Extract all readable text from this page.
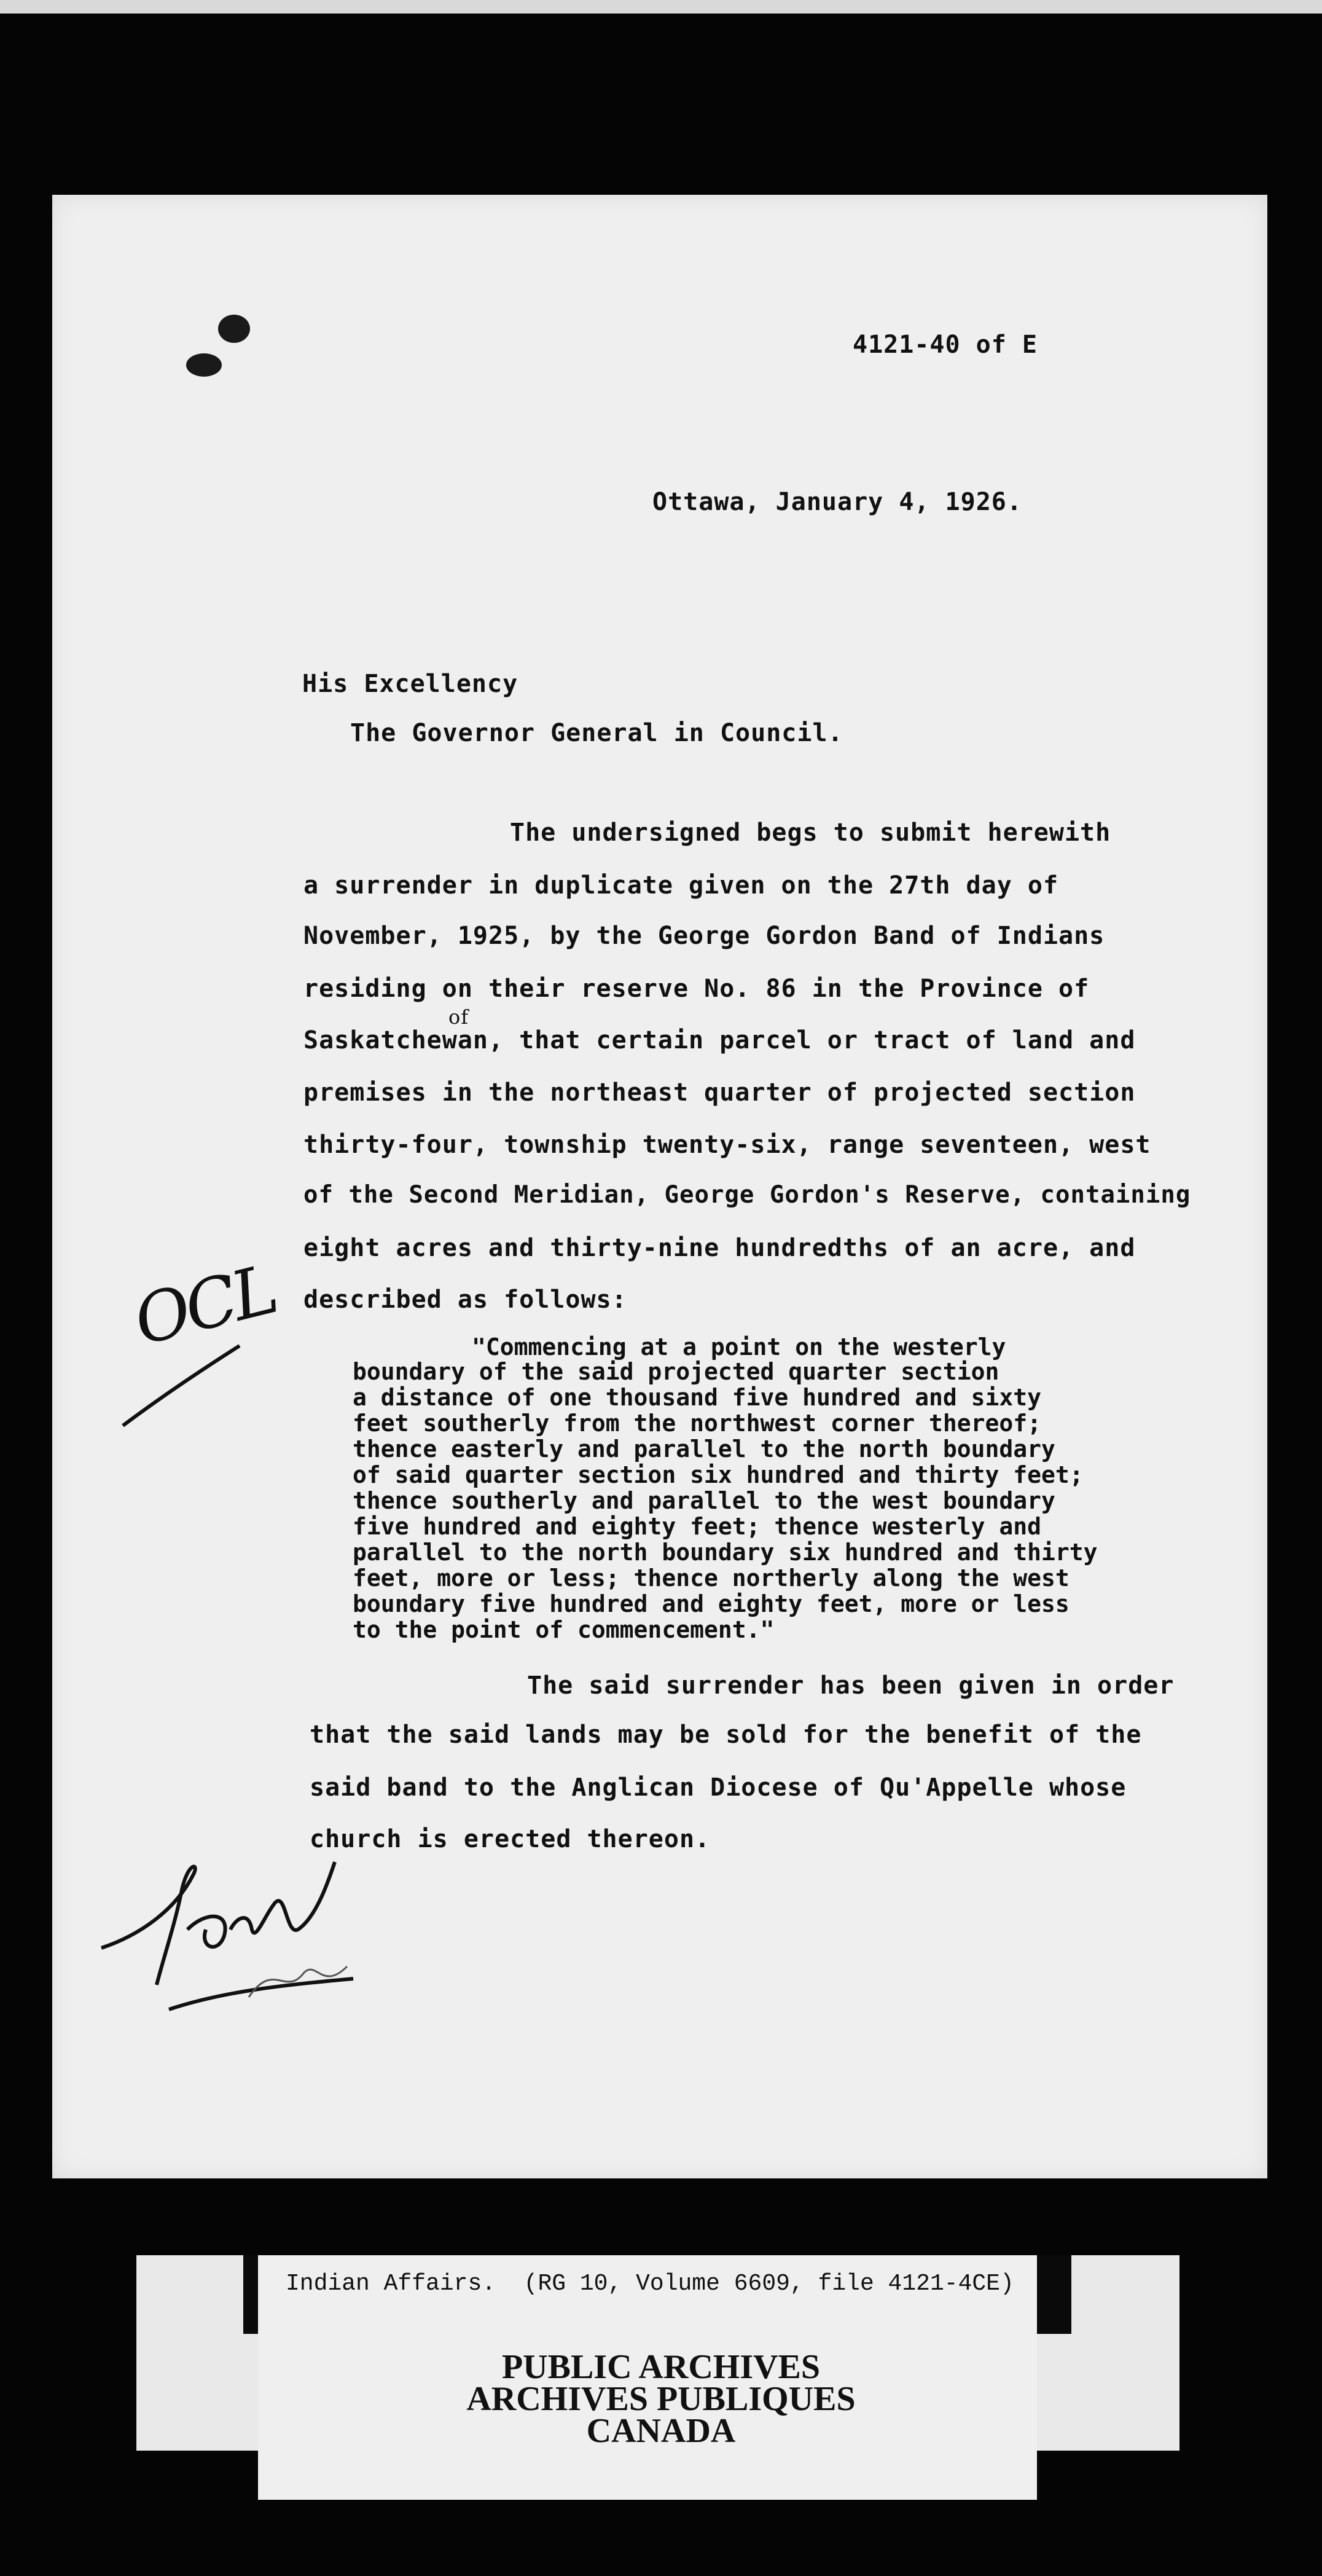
4121-40 of E
Ottawa, January 4, 1926.
His Excellency
The Governor General in Council.
The undersigned begs to submit herewith
a surrender in duplicate given on the 27th day of
November, 1925, by the George Gordon Band of Indians
residing on their reserve No. 86 in the Province of
of
Saskatchewan, that certain parcel or tract of land and
premises in the northeast quarter of projected section
thirty-four, township twenty-six, range seventeen, west
of the Second Meridian, George Gordon's Reserve, containing
eight acres and thirty-nine hundredths of an acre, and
described as follows:
"Commencing at a point on the westerly
boundary of the said projected quarter section
a distance of one thousand five hundred and sixty
feet southerly from the northwest corner thereof;
thence easterly and parallel to the north boundary
of said quarter section six hundred and thirty feet;
thence southerly and parallel to the west boundary
five hundred and eighty feet; thence westerly and
parallel to the north boundary six hundred and thirty
feet, more or less; thence northerly along the west
boundary five hundred and eighty feet, more or less
to the point of commencement."
The said surrender has been given in order
that the said lands may be sold for the benefit of the
said band to the Anglican Diocese of Qu'Appelle whose
church is erected thereon.
OCL
Indian Affairs.  (RG 10, Volume 6609, file 4121-4CE)
PUBLIC ARCHIVES
ARCHIVES PUBLIQUES
CANADA
